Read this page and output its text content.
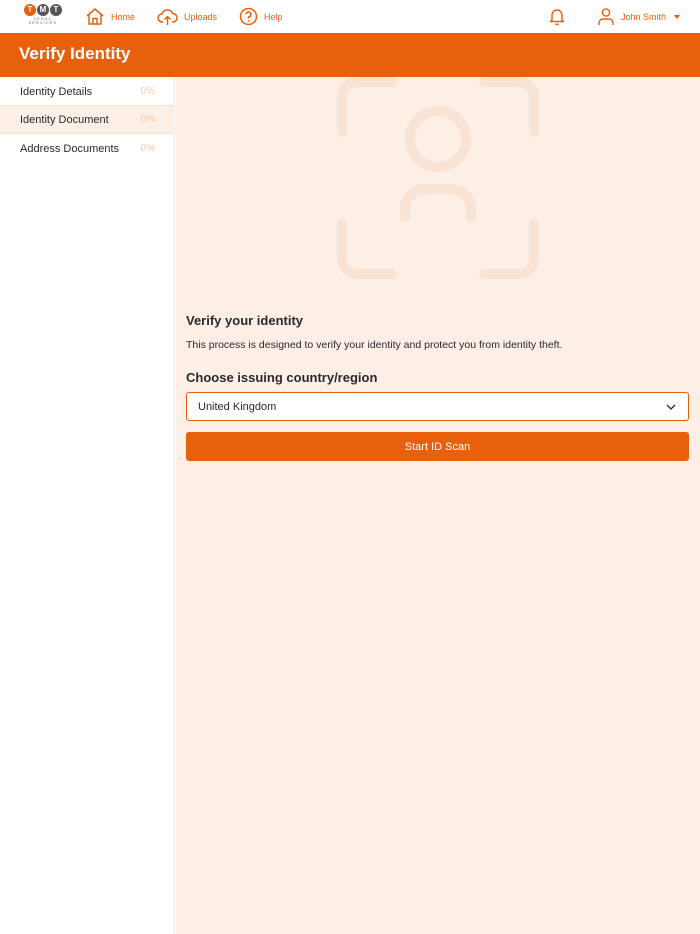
T M T
LEGAL SERVICES
Home	Uploads	Help	John Smith
Verify Identity
Identity Details	0%
Identity Document	0%
Address Documents 0%
Verify your identity
This process is designed to verify your identity and protect you from identity theft.
Choose issuing country/region
United Kingdom
Start ID Scan
